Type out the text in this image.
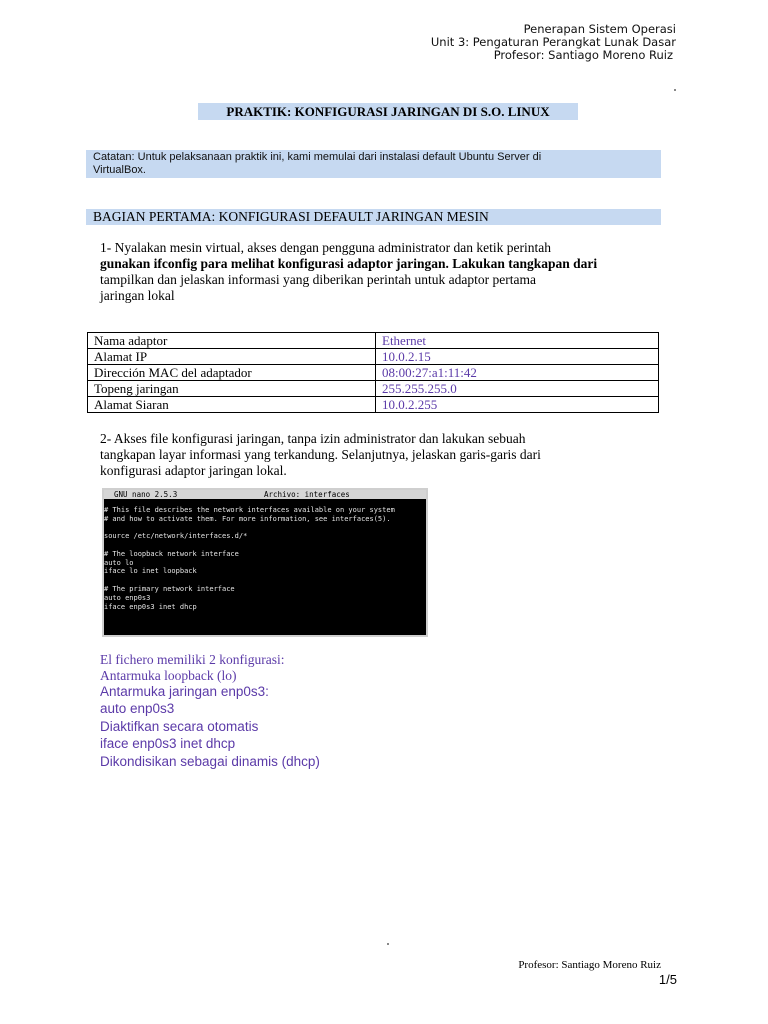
Penerapan Sistem Operasi
Unit 3: Pengaturan Perangkat Lunak Dasar
Profesor: Santiago Moreno Ruiz
PRAKTIK: KONFIGURASI JARINGAN DI S.O. LINUX
Catatan: Untuk pelaksanaan praktik ini, kami memulai dari instalasi default Ubuntu Server di
VirtualBox.
BAGIAN PERTAMA: KONFIGURASI DEFAULT JARINGAN MESIN
1- Nyalakan mesin virtual, akses dengan pengguna administrator dan ketik perintah
gunakan ifconfig para melihat konfigurasi adaptor jaringan. Lakukan tangkapan dari
tampilkan dan jelaskan informasi yang diberikan perintah untuk adaptor pertama
jaringan lokal
Nama adaptor	Ethernet
Alamat IP	10.0.2.15
Dirección MAC del adaptador	08:00:27:a1:11:42
Topeng jaringan	255.255.255.0
Alamat Siaran	10.0.2.255
2- Akses file konfigurasi jaringan, tanpa izin administrator dan lakukan sebuah
tangkapan layar informasi yang terkandung. Selanjutnya, jelaskan garis-garis dari
konfigurasi adaptor jaringan lokal.
GNU nano 2.5.3	Archivo: interfaces
# This file describes the network interfaces available on your system
# and how to activate them. For more information, see interfaces(5).
source /etc/network/interfaces.d/*
# The loopback network interface
auto lo
iface lo inet loopback
# The primary network interface
auto enp0s3
iface enp0s3 inet dhcp
El fichero memiliki 2 konfigurasi:
Antarmuka loopback (lo)
Antarmuka jaringan enp0s3:
auto enp0s3
Diaktifkan secara otomatis
iface enp0s3 inet dhcp
Dikondisikan sebagai dinamis (dhcp)
Profesor: Santiago Moreno Ruiz
1/5
